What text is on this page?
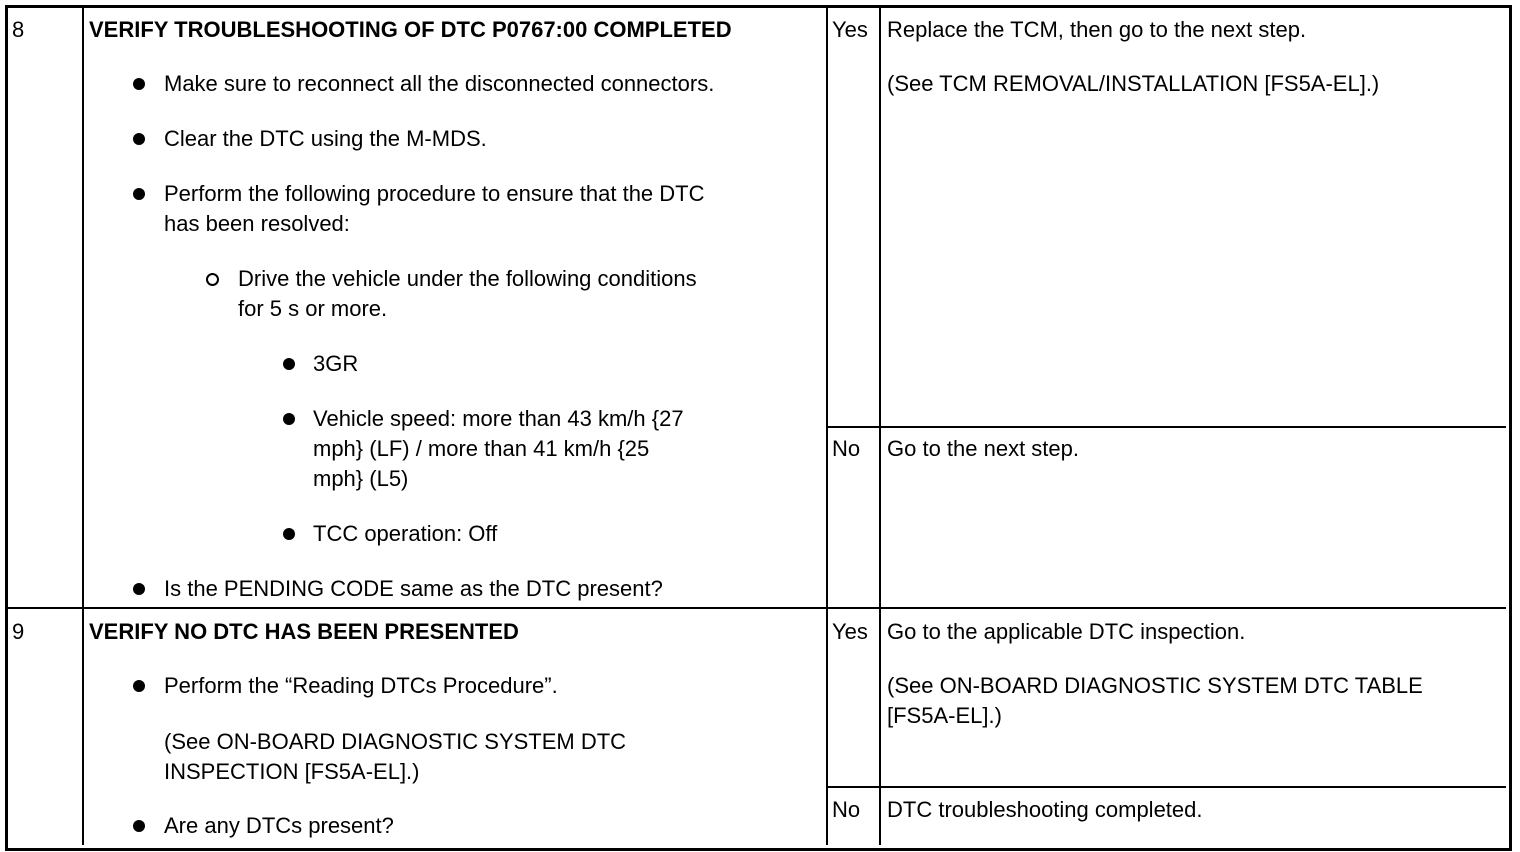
8	VERIFY TROUBLESHOOTING OF DTC P0767:00 COMPLETED
Make sure to reconnect all the disconnected connectors.
Clear the DTC using the M-MDS.
Perform the following procedure to ensure that the DTC
has been resolved:
Drive the vehicle under the following conditions
for 5 s or more.
3GR
Vehicle speed: more than 43 km/h {27
mph} (LF) / more than 41 km/h {25
mph} (L5)
TCC operation: Off
Is the PENDING CODE same as the DTC present?
Yes Replace the TCM, then go to the next step.
(See TCM REMOVAL/INSTALLATION [FS5A-EL].)
No Go to the next step.
9	VERIFY NO DTC HAS BEEN PRESENTED
Perform the “Reading DTCs Procedure”.
(See ON-BOARD DIAGNOSTIC SYSTEM DTC
INSPECTION [FS5A-EL].)
Are any DTCs present?
Yes Go to the applicable DTC inspection.
(See ON-BOARD DIAGNOSTIC SYSTEM DTC TABLE
[FS5A-EL].)
No DTC troubleshooting completed.
